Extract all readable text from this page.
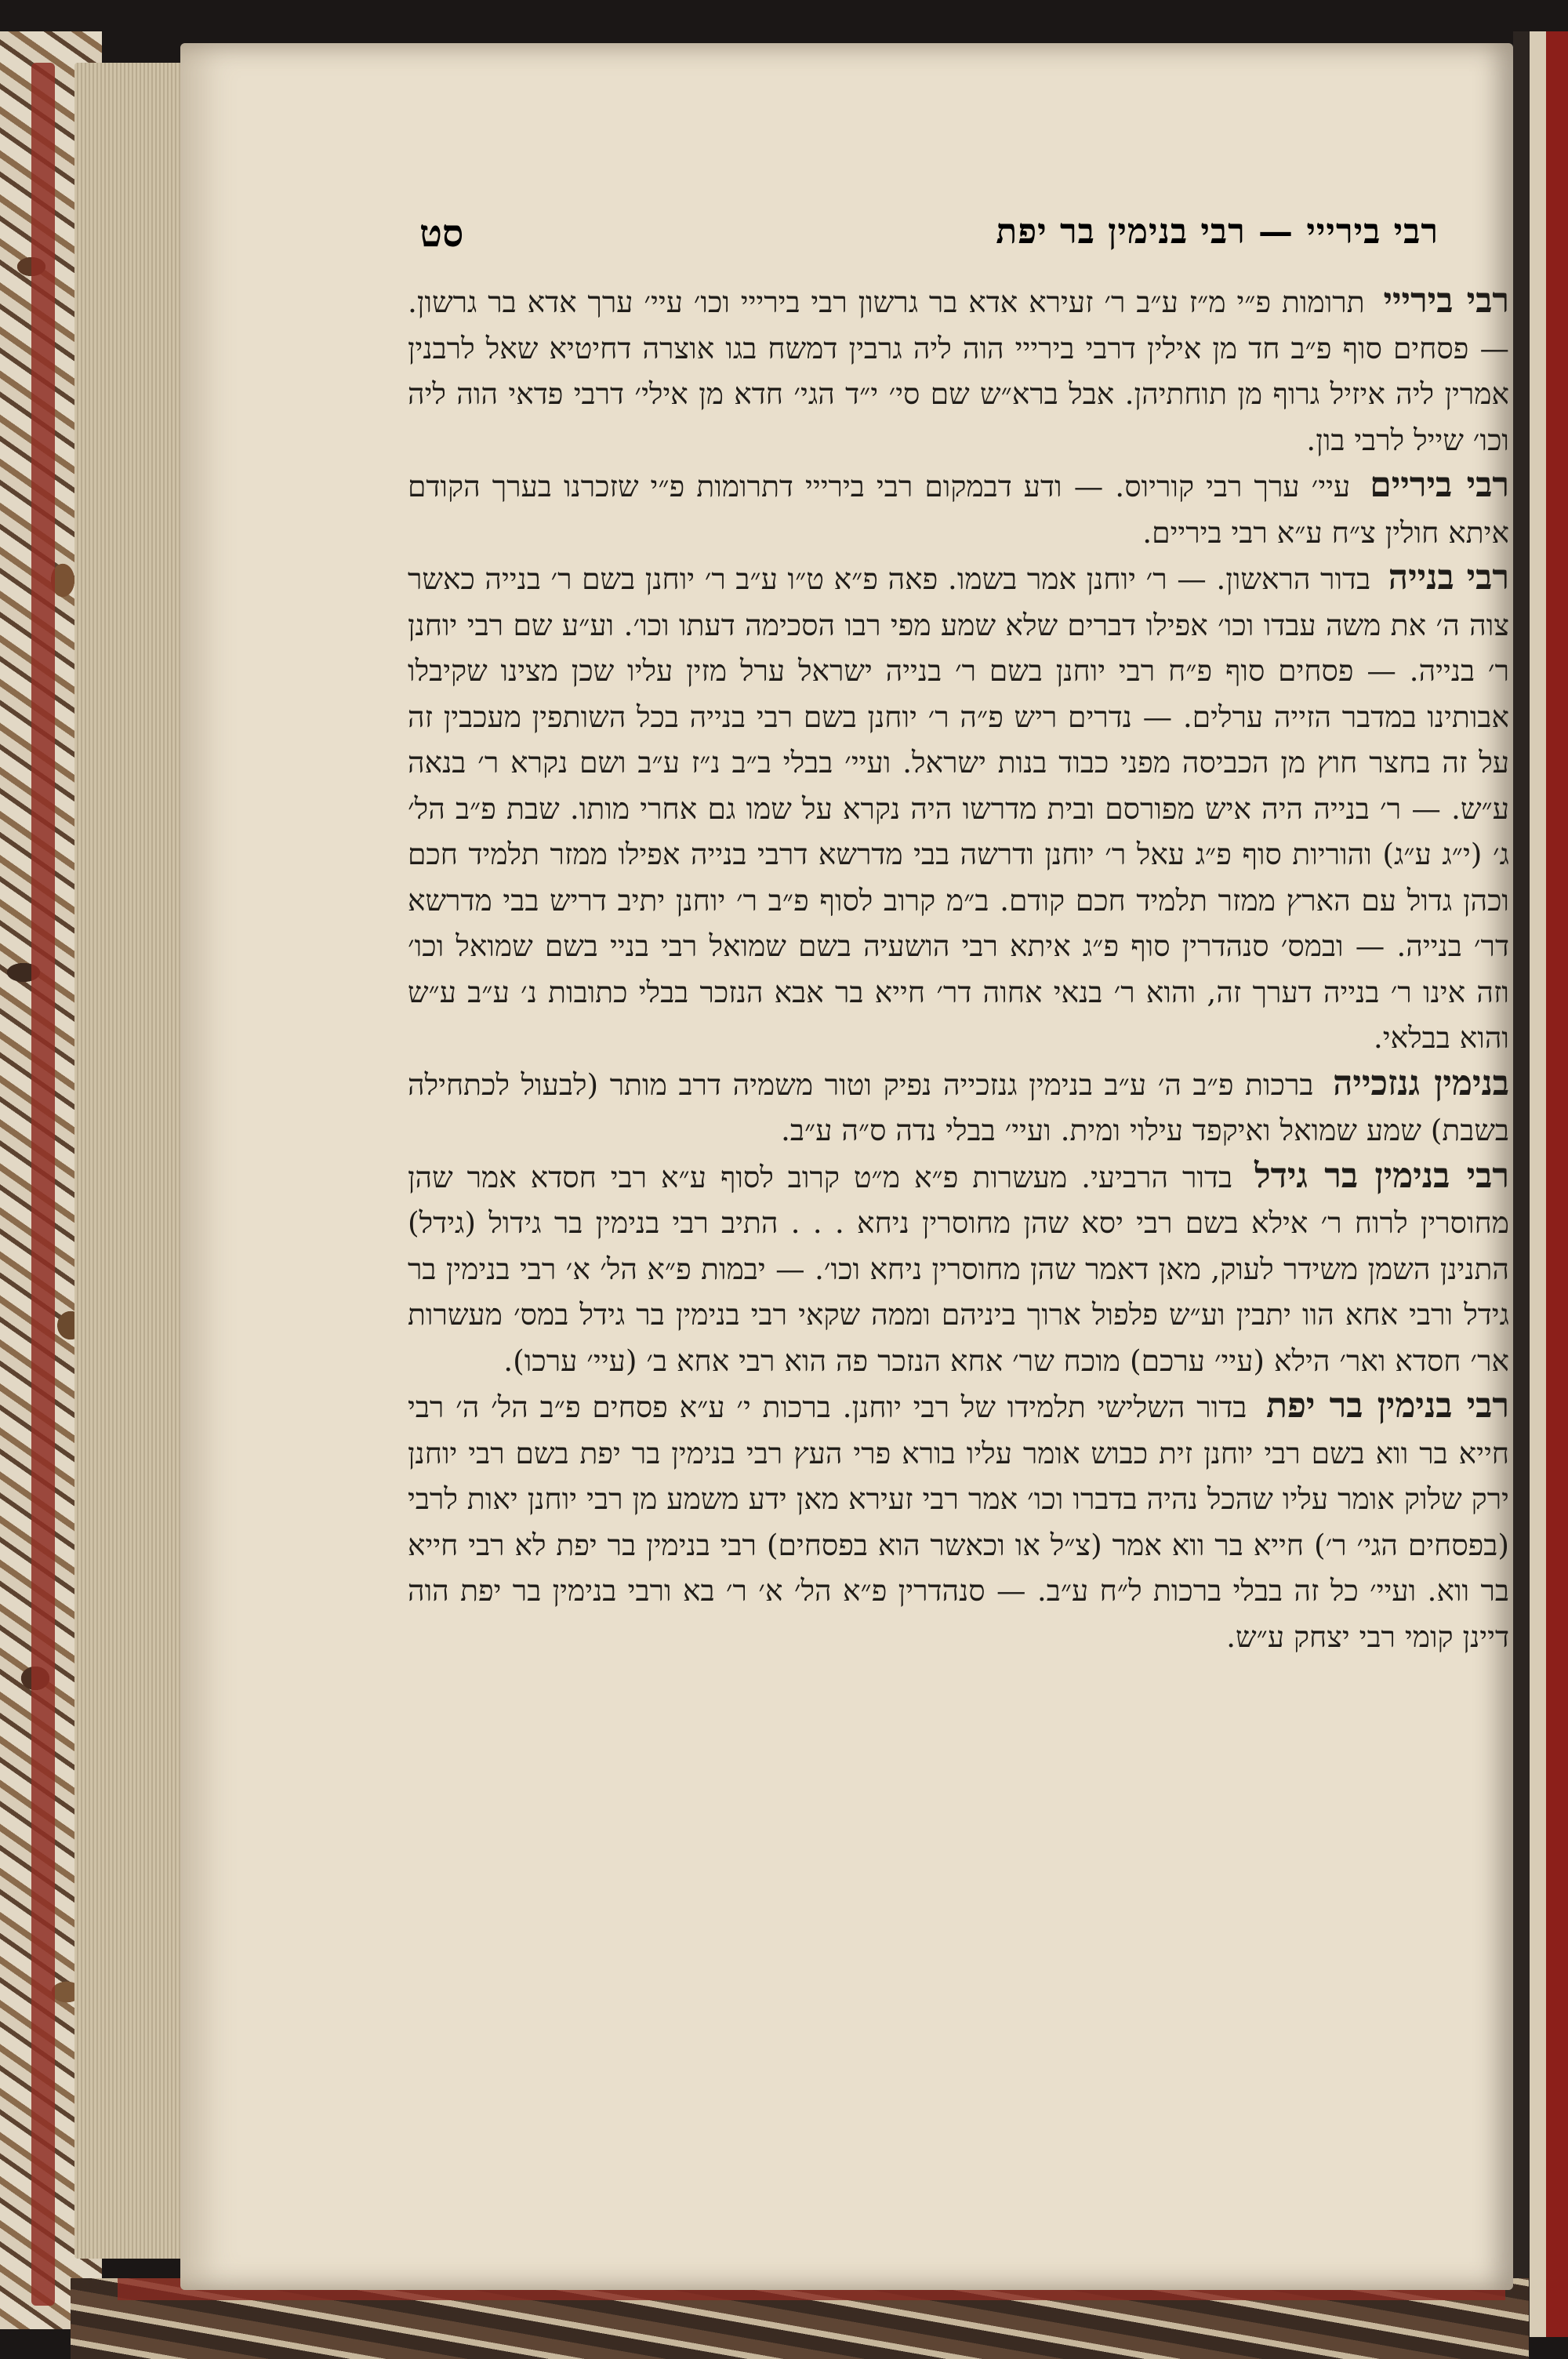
רבי בירייי — רבי בנימין בר יפת
סט

רבי בירייי תרומות פ״י מ״ז ע״ב ר׳ זעירא אדא בר גרשון רבי בירייי וכו׳ עיי׳ ערך אדא בר גרשון. — פסחים סוף פ״ב חד מן אילין דרבי בירייי הוה ליה גרבין דמשח בגו אוצרה דחיטיא שאל לרבנין אמרין ליה איזיל גרוף מן תוחתיהן. אבל ברא״ש שם סי׳ י״ד הגי׳ חדא מן אילי׳ דרבי פדאי הוה ליה וכו׳ שייל לרבי בון.

רבי ביריים עיי׳ ערך רבי קוריוס. — ודע דבמקום רבי בירייי דתרומות פ״י שזכרנו בערך הקודם איתא חולין צ״ח ע״א רבי ביריים.

רבי בנייה בדור הראשון. — ר׳ יוחנן אמר בשמו. פאה פ״א ט״ו ע״ב ר׳ יוחנן בשם ר׳ בנייה כאשר צוה ה׳ את משה עבדו וכו׳ אפילו דברים שלא שמע מפי רבו הסכימה דעתו וכו׳. וע״ע שם רבי יוחנן ר׳ בנייה. — פסחים סוף פ״ח רבי יוחנן בשם ר׳ בנייה ישראל ערל מזין עליו שכן מצינו שקיבלו אבותינו במדבר הזייה ערלים. — נדרים ריש פ״ה ר׳ יוחנן בשם רבי בנייה בכל השותפין מעכבין זה על זה בחצר חוץ מן הכביסה מפני כבוד בנות ישראל. ועיי׳ בבלי ב״ב נ״ז ע״ב ושם נקרא ר׳ בנאה ע״ש. — ר׳ בנייה היה איש מפורסם ובית מדרשו היה נקרא על שמו גם אחרי מותו. שבת פ״ב הל׳ ג׳ (י״ג ע״ג) והוריות סוף פ״ג עאל ר׳ יוחנן ודרשה בבי מדרשא דרבי בנייה אפילו ממזר תלמיד חכם וכהן גדול עם הארץ ממזר תלמיד חכם קודם. ב״מ קרוב לסוף פ״ב ר׳ יוחנן יתיב דריש בבי מדרשא דר׳ בנייה. — ובמס׳ סנהדרין סוף פ״ג איתא רבי הושעיה בשם שמואל רבי בניי בשם שמואל וכו׳ וזה אינו ר׳ בנייה דערך זה, והוא ר׳ בנאי אחוה דר׳ חייא בר אבא הנזכר בבלי כתובות נ׳ ע״ב ע״ש והוא בבלאי.

בנימין גנזכייה ברכות פ״ב ה׳ ע״ב בנימין גנזכייה נפיק וטור משמיה דרב מותר (לבעול לכתחילה בשבת) שמע שמואל ואיקפד עילוי ומית. ועיי׳ בבלי נדה ס״ה ע״ב.

רבי בנימין בר גידל בדור הרביעי. מעשרות פ״א מ״ט קרוב לסוף ע״א רבי חסדא אמר שהן מחוסרין לרוח ר׳ אילא בשם רבי יסא שהן מחוסרין ניחא . . . התיב רבי בנימין בר גידול (גידל) התנינן השמן משידר לעוק, מאן דאמר שהן מחוסרין ניחא וכו׳. — יבמות פ״א הל׳ א׳ רבי בנימין בר גידל ורבי אחא הוו יתבין וע״ש פלפול ארוך ביניהם וממה שקאי רבי בנימין בר גידל במס׳ מעשרות אר׳ חסדא ואר׳ הילא (עיי׳ ערכם) מוכח שר׳ אחא הנזכר פה הוא רבי אחא ב׳ (עיי׳ ערכו).

רבי בנימין בר יפת בדור השלישי תלמידו של רבי יוחנן. ברכות י׳ ע״א פסחים פ״ב הל׳ ה׳ רבי חייא בר ווא בשם רבי יוחנן זית כבוש אומר עליו בורא פרי העץ רבי בנימין בר יפת בשם רבי יוחנן ירק שלוק אומר עליו שהכל נהיה בדברו וכו׳ אמר רבי זעירא מאן ידע משמע מן רבי יוחנן יאות לרבי (בפסחים הגי׳ ר׳) חייא בר ווא אמר (צ״ל או וכאשר הוא בפסחים) רבי בנימין בר יפת לא רבי חייא בר ווא. ועיי׳ כל זה בבלי ברכות ל״ח ע״ב. — סנהדרין פ״א הל׳ א׳ ר׳ בא ורבי בנימין בר יפת הוה דיינן קומי רבי יצחק ע״ש.
